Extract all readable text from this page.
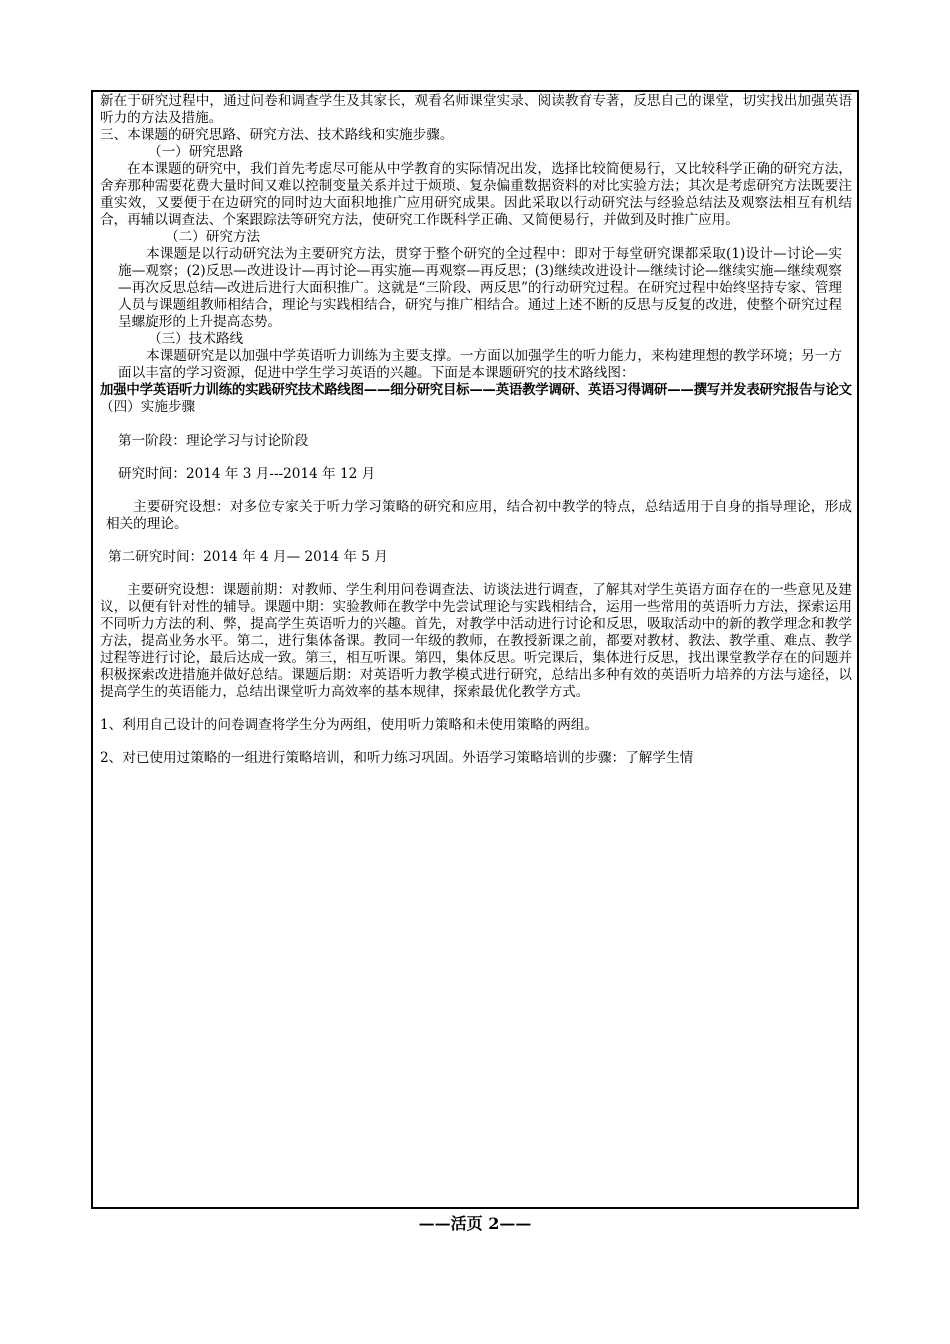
新在于研究过程中，通过问卷和调查学生及其家长，观看名师课堂实录、阅读教育专著，反思自己的课堂，切实找出加强英语听力的方法及措施。

三、本课题的研究思路、研究方法、技术路线和实施步骤。

（一）研究思路

在本课题的研究中，我们首先考虑尽可能从中学教育的实际情况出发，选择比较简便易行，又比较科学正确的研究方法，舍弃那种需要花费大量时间又难以控制变量关系并过于烦琐、复杂偏重数据资料的对比实验方法；其次是考虑研究方法既要注重实效，又要便于在边研究的同时边大面积地推广应用研究成果。因此采取以行动研究法与经验总结法及观察法相互有机结合，再辅以调查法、个案跟踪法等研究方法，使研究工作既科学正确、又简便易行，并做到及时推广应用。

（二）研究方法

本课题是以行动研究法为主要研究方法，贯穿于整个研究的全过程中：即对于每堂研究课都采取(1)设计—讨论—实施—观察；(2)反思—改进设计—再讨论—再实施—再观察—再反思；(3)继续改进设计—继续讨论—继续实施—继续观察—再次反思总结—改进后进行大面积推广。这就是“三阶段、两反思”的行动研究过程。在研究过程中始终坚持专家、管理人员与课题组教师相结合，理论与实践相结合，研究与推广相结合。通过上述不断的反思与反复的改进，使整个研究过程呈螺旋形的上升提高态势。

（三）技术路线

本课题研究是以加强中学英语听力训练为主要支撑。一方面以加强学生的听力能力，来构建理想的教学环境；另一方面以丰富的学习资源，促进中学生学习英语的兴趣。下面是本课题研究的技术路线图：

加强中学英语听力训练的实践研究技术路线图——细分研究目标——英语教学调研、英语习得调研——撰写并发表研究报告与论文

（四）实施步骤

第一阶段：理论学习与讨论阶段

研究时间：2014 年 3 月---2014 年 12 月

主要研究设想：对多位专家关于听力学习策略的研究和应用，结合初中教学的特点，总结适用于自身的指导理论，形成相关的理论。

第二研究时间：2014 年 4 月— 2014 年 5 月

主要研究设想：课题前期：对教师、学生利用问卷调查法、访谈法进行调查，了解其对学生英语方面存在的一些意见及建议，以便有针对性的辅导。课题中期：实验教师在教学中先尝试理论与实践相结合，运用一些常用的英语听力方法，探索运用不同听力方法的利、弊，提高学生英语听力的兴趣。首先，对教学中活动进行讨论和反思，吸取活动中的新的教学理念和教学方法，提高业务水平。第二，进行集体备课。教同一年级的教师，在教授新课之前，都要对教材、教法、教学重、难点、教学过程等进行讨论，最后达成一致。第三，相互听课。第四，集体反思。听完课后，集体进行反思，找出课堂教学存在的问题并积极探索改进措施并做好总结。课题后期：对英语听力教学模式进行研究，总结出多种有效的英语听力培养的方法与途径，以提高学生的英语能力，总结出课堂听力高效率的基本规律，探索最优化教学方式。

1、利用自己设计的问卷调查将学生分为两组，使用听力策略和未使用策略的两组。

2、对已使用过策略的一组进行策略培训，和听力练习巩固。外语学习策略培训的步骤：了解学生情

——活页 2——
